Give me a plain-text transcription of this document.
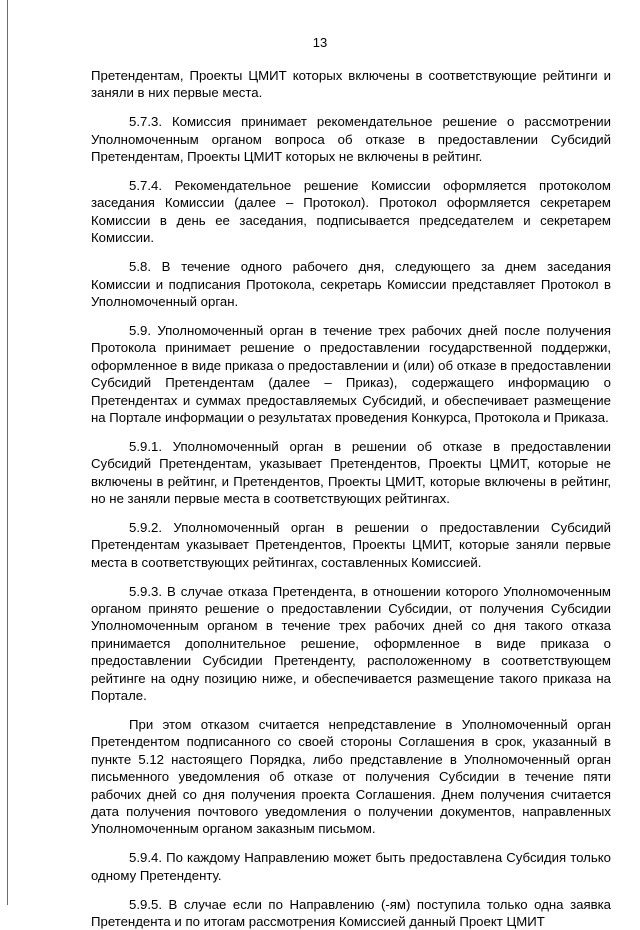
13

Претендентам, Проекты ЦМИТ которых включены в соответствующие рейтинги и заняли в них первые места.

5.7.3. Комиссия принимает рекомендательное решение о рассмотрении Уполномоченным органом вопроса об отказе в предоставлении Субсидий Претендентам, Проекты ЦМИТ которых не включены в рейтинг.

5.7.4. Рекомендательное решение Комиссии оформляется протоколом заседания Комиссии (далее – Протокол). Протокол оформляется секретарем Комиссии в день ее заседания, подписывается председателем и секретарем Комиссии.

5.8. В течение одного рабочего дня, следующего за днем заседания Комиссии и подписания Протокола, секретарь Комиссии представляет Протокол в Уполномоченный орган.

5.9. Уполномоченный орган в течение трех рабочих дней после получения Протокола принимает решение о предоставлении государственной поддержки, оформленное в виде приказа о предоставлении и (или) об отказе в предоставлении Субсидий Претендентам (далее – Приказ), содержащего информацию о Претендентах и суммах предоставляемых Субсидий, и обеспечивает размещение на Портале информации о результатах проведения Конкурса, Протокола и Приказа.

5.9.1. Уполномоченный орган в решении об отказе в предоставлении Субсидий Претендентам, указывает Претендентов, Проекты ЦМИТ, которые не включены в рейтинг, и Претендентов, Проекты ЦМИТ, которые включены в рейтинг, но не заняли первые места в соответствующих рейтингах.

5.9.2. Уполномоченный орган в решении о предоставлении Субсидий Претендентам указывает Претендентов, Проекты ЦМИТ, которые заняли первые места в соответствующих рейтингах, составленных Комиссией.

5.9.3. В случае отказа Претендента, в отношении которого Уполномоченным органом принято решение о предоставлении Субсидии, от получения Субсидии Уполномоченным органом в течение трех рабочих дней со дня такого отказа принимается дополнительное решение, оформленное в виде приказа о предоставлении Субсидии Претенденту, расположенному в соответствующем рейтинге на одну позицию ниже, и обеспечивается размещение такого приказа на Портале.

При этом отказом считается непредставление в Уполномоченный орган Претендентом подписанного со своей стороны Соглашения в срок, указанный в пункте 5.12 настоящего Порядка, либо представление в Уполномоченный орган письменного уведомления об отказе от получения Субсидии в течение пяти рабочих дней со дня получения проекта Соглашения. Днем получения считается дата получения почтового уведомления о получении документов, направленных Уполномоченным органом заказным письмом.

5.9.4. По каждому Направлению может быть предоставлена Субсидия только одному Претенденту.

5.9.5. В случае если по Направлению (-ям) поступила только одна заявка Претендента и по итогам рассмотрения Комиссией данный Проект ЦМИТ
